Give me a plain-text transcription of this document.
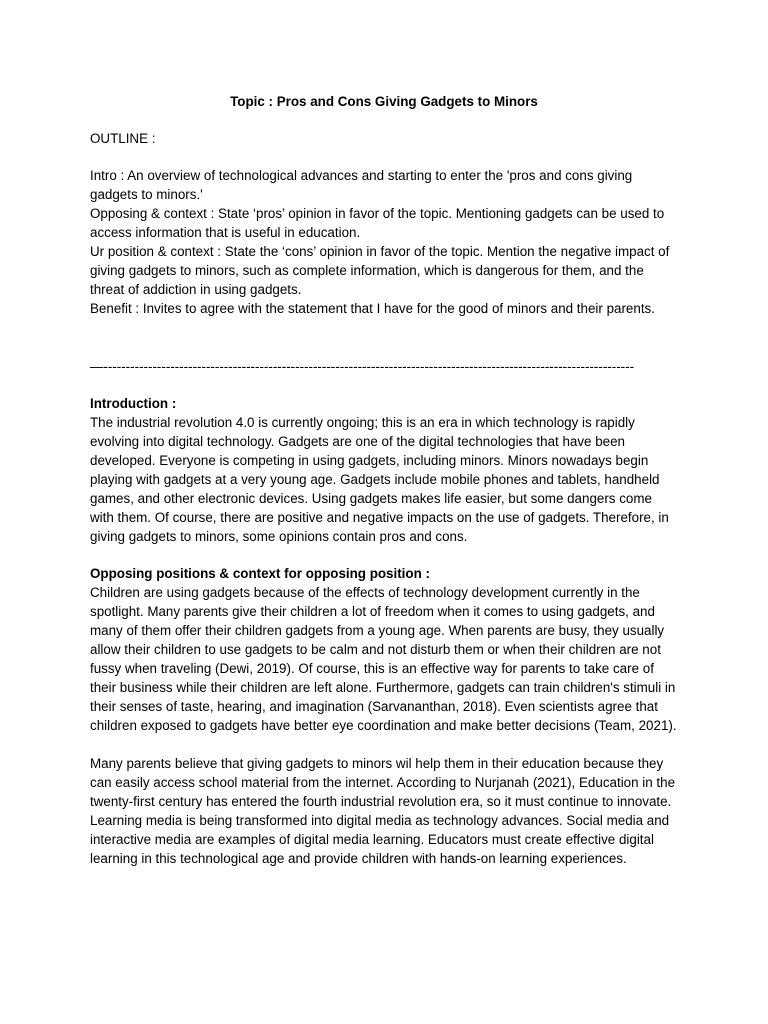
Topic : Pros and Cons Giving Gadgets to Minors

OUTLINE :

Intro : An overview of technological advances and starting to enter the 'pros and cons giving gadgets to minors.'

Opposing & context : State ‘pros’ opinion in favor of the topic. Mentioning gadgets can be used to access information that is useful in education.

Ur position & context : State the ‘cons’ opinion in favor of the topic. Mention the negative impact of giving gadgets to minors, such as complete information, which is dangerous for them, and the threat of addiction in using gadgets.

Benefit : Invites to agree with the statement that I have for the good of minors and their parents.

—-----------------------------------------------------------------------------------------------------------------------

Introduction :

The industrial revolution 4.0 is currently ongoing; this is an era in which technology is rapidly evolving into digital technology. Gadgets are one of the digital technologies that have been developed. Everyone is competing in using gadgets, including minors. Minors nowadays begin playing with gadgets at a very young age. Gadgets include mobile phones and tablets, handheld games, and other electronic devices. Using gadgets makes life easier, but some dangers come with them. Of course, there are positive and negative impacts on the use of gadgets. Therefore, in giving gadgets to minors, some opinions contain pros and cons.

Opposing positions & context for opposing position :

Children are using gadgets because of the effects of technology development currently in the spotlight. Many parents give their children a lot of freedom when it comes to using gadgets, and many of them offer their children gadgets from a young age. When parents are busy, they usually allow their children to use gadgets to be calm and not disturb them or when their children are not fussy when traveling (Dewi, 2019). Of course, this is an effective way for parents to take care of their business while their children are left alone. Furthermore, gadgets can train children's stimuli in their senses of taste, hearing, and imagination (Sarvananthan, 2018). Even scientists agree that children exposed to gadgets have better eye coordination and make better decisions (Team, 2021).

Many parents believe that giving gadgets to minors wil help them in their education because they can easily access school material from the internet. According to Nurjanah (2021), Education in the twenty-first century has entered the fourth industrial revolution era, so it must continue to innovate. Learning media is being transformed into digital media as technology advances. Social media and interactive media are examples of digital media learning. Educators must create effective digital learning in this technological age and provide children with hands-on learning experiences.
